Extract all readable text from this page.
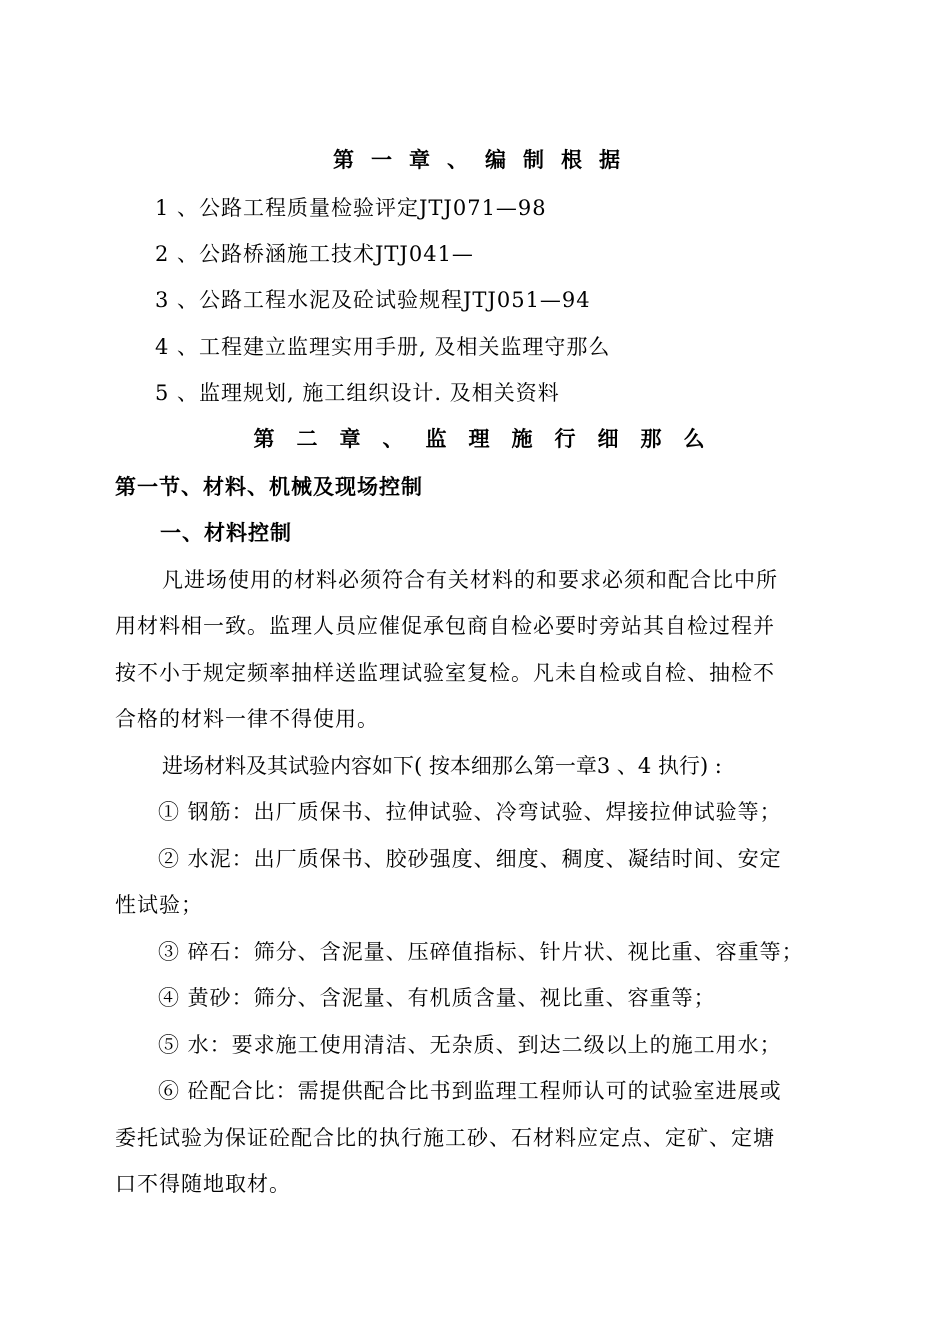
第一章、编制根据
1 、公路工程质量检验评定JTJ071—98
2 、公路桥涵施工技术JTJ041—
3 、公路工程水泥及砼试验规程JTJ051—94
4 、工程建立监理实用手册, 及相关监理守那么
5 、监理规划, 施工组织设计. 及相关资料
第二章、监理施行细那么
第一节、材料、机械及现场控制
一、材料控制
凡进场使用的材料必须符合有关材料的和要求必须和配合比中所
用材料相一致。监理人员应催促承包商自检必要时旁站其自检过程并
按不小于规定频率抽样送监理试验室复检。凡未自检或自检、抽检不
合格的材料一律不得使用。
进场材料及其试验内容如下( 按本细那么第一章3 、4 执行) :
① 钢筋：出厂质保书、拉伸试验、冷弯试验、焊接拉伸试验等；
② 水泥：出厂质保书、胶砂强度、细度、稠度、凝结时间、安定
性试验；
③ 碎石：筛分、含泥量、压碎值指标、针片状、视比重、容重等；
④ 黄砂：筛分、含泥量、有机质含量、视比重、容重等；
⑤ 水：要求施工使用清洁、无杂质、到达二级以上的施工用水；
⑥ 砼配合比：需提供配合比书到监理工程师认可的试验室进展或
委托试验为保证砼配合比的执行施工砂、石材料应定点、定矿、定塘
口不得随地取材。
